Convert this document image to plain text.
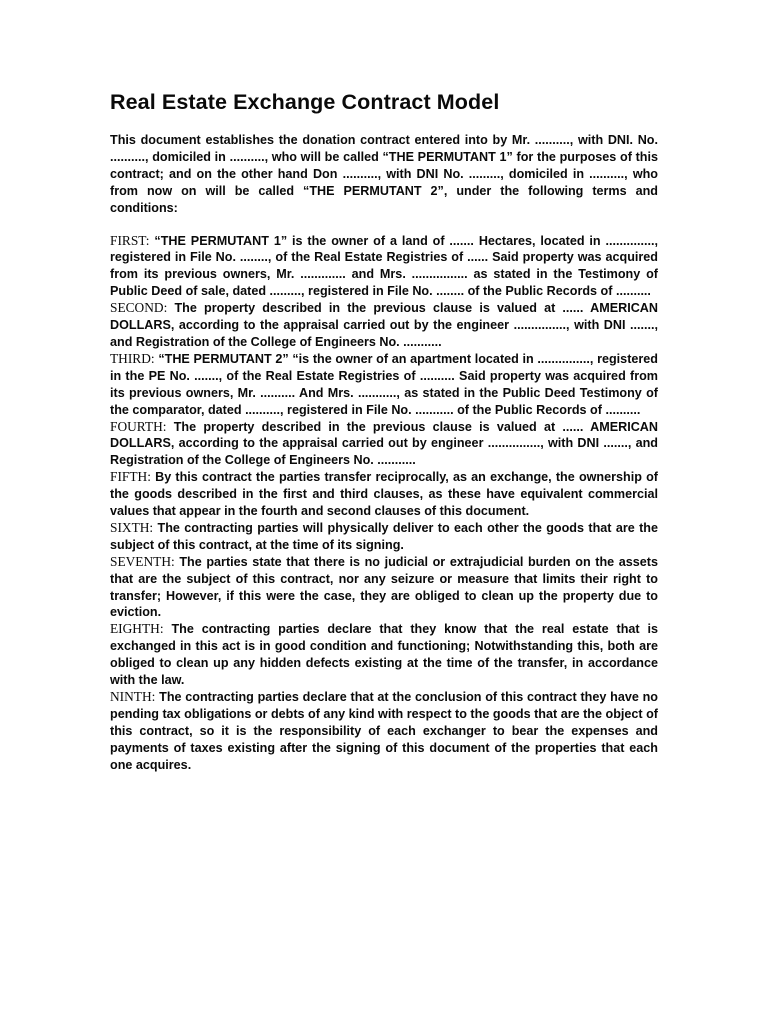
Real Estate Exchange Contract Model

This document establishes the donation contract entered into by Mr. .........., with DNI. No. .........., domiciled in .........., who will be called “THE PERMUTANT 1” for the purposes of this contract; and on the other hand Don .........., with DNI No. ........., domiciled in .........., who from now on will be called “THE PERMUTANT 2”, under the following terms and conditions:

FIRST: “THE PERMUTANT 1” is the owner of a land of ....... Hectares, located in .............., registered in File No. ........, of the Real Estate Registries of ...... Said property was acquired from its previous owners, Mr. ............. and Mrs. ................ as stated in the Testimony of Public Deed of sale, dated ........., registered in File No. ........ of the Public Records of ..........

SECOND: The property described in the previous clause is valued at ...... AMERICAN DOLLARS, according to the appraisal carried out by the engineer ..............., with DNI ......., and Registration of the College of Engineers No. ...........

THIRD: “THE PERMUTANT 2” “is the owner of an apartment located in ..............., registered in the PE No. ......., of the Real Estate Registries of .......... Said property was acquired from its previous owners, Mr. .......... And Mrs. ..........., as stated in the Public Deed Testimony of the comparator, dated .........., registered in File No. ........... of the Public Records of ..........

FOURTH: The property described in the previous clause is valued at ...... AMERICAN DOLLARS, according to the appraisal carried out by engineer ..............., with DNI ......., and Registration of the College of Engineers No. ...........

FIFTH: By this contract the parties transfer reciprocally, as an exchange, the ownership of the goods described in the first and third clauses, as these have equivalent commercial values that appear in the fourth and second clauses of this document.

SIXTH: The contracting parties will physically deliver to each other the goods that are the subject of this contract, at the time of its signing.

SEVENTH: The parties state that there is no judicial or extrajudicial burden on the assets that are the subject of this contract, nor any seizure or measure that limits their right to transfer; However, if this were the case, they are obliged to clean up the property due to eviction.

EIGHTH: The contracting parties declare that they know that the real estate that is exchanged in this act is in good condition and functioning; Notwithstanding this, both are obliged to clean up any hidden defects existing at the time of the transfer, in accordance with the law.

NINTH: The contracting parties declare that at the conclusion of this contract they have no pending tax obligations or debts of any kind with respect to the goods that are the object of this contract, so it is the responsibility of each exchanger to bear the expenses and payments of taxes existing after the signing of this document of the properties that each one acquires.
